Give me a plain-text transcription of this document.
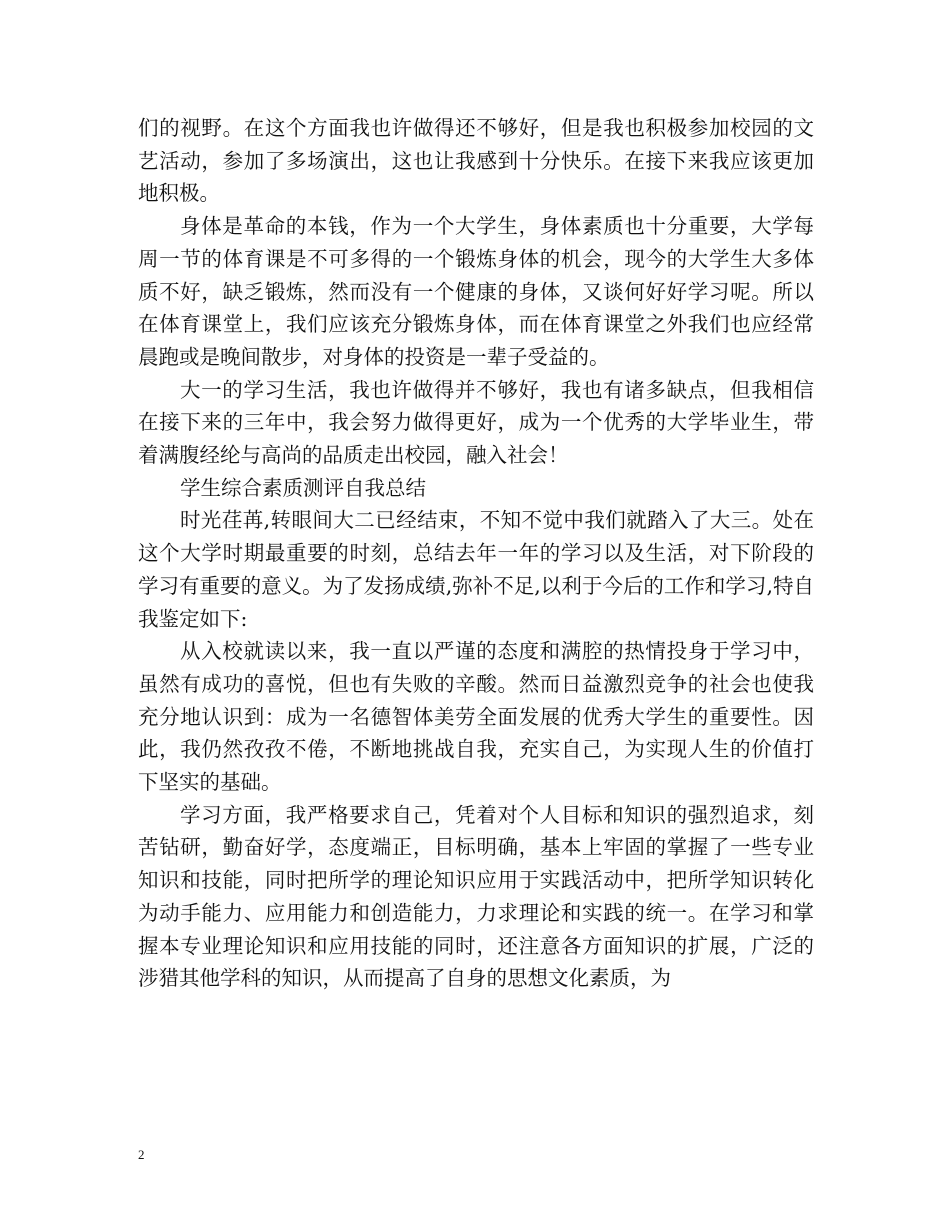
们的视野。在这个方面我也许做得还不够好，但是我也积极参加校园的文艺活动，参加了多场演出，这也让我感到十分快乐。在接下来我应该更加地积极。

身体是革命的本钱，作为一个大学生，身体素质也十分重要，大学每周一节的体育课是不可多得的一个锻炼身体的机会，现今的大学生大多体质不好，缺乏锻炼，然而没有一个健康的身体，又谈何好好学习呢。所以在体育课堂上，我们应该充分锻炼身体，而在体育课堂之外我们也应经常晨跑或是晚间散步，对身体的投资是一辈子受益的。

大一的学习生活，我也许做得并不够好，我也有诸多缺点，但我相信在接下来的三年中，我会努力做得更好，成为一个优秀的大学毕业生，带着满腹经纶与高尚的品质走出校园，融入社会！

学生综合素质测评自我总结

时光荏苒,转眼间大二已经结束，不知不觉中我们就踏入了大三。处在这个大学时期最重要的时刻，总结去年一年的学习以及生活，对下阶段的学习有重要的意义。为了发扬成绩,弥补不足,以利于今后的工作和学习,特自我鉴定如下:

从入校就读以来，我一直以严谨的态度和满腔的热情投身于学习中，虽然有成功的喜悦，但也有失败的辛酸。然而日益激烈竞争的社会也使我充分地认识到：成为一名德智体美劳全面发展的优秀大学生的重要性。因此，我仍然孜孜不倦，不断地挑战自我，充实自己，为实现人生的价值打下坚实的基础。

学习方面，我严格要求自己，凭着对个人目标和知识的强烈追求，刻苦钻研，勤奋好学，态度端正，目标明确，基本上牢固的掌握了一些专业知识和技能，同时把所学的理论知识应用于实践活动中，把所学知识转化为动手能力、应用能力和创造能力，力求理论和实践的统一。在学习和掌握本专业理论知识和应用技能的同时，还注意各方面知识的扩展，广泛的涉猎其他学科的知识，从而提高了自身的思想文化素质，为

2
